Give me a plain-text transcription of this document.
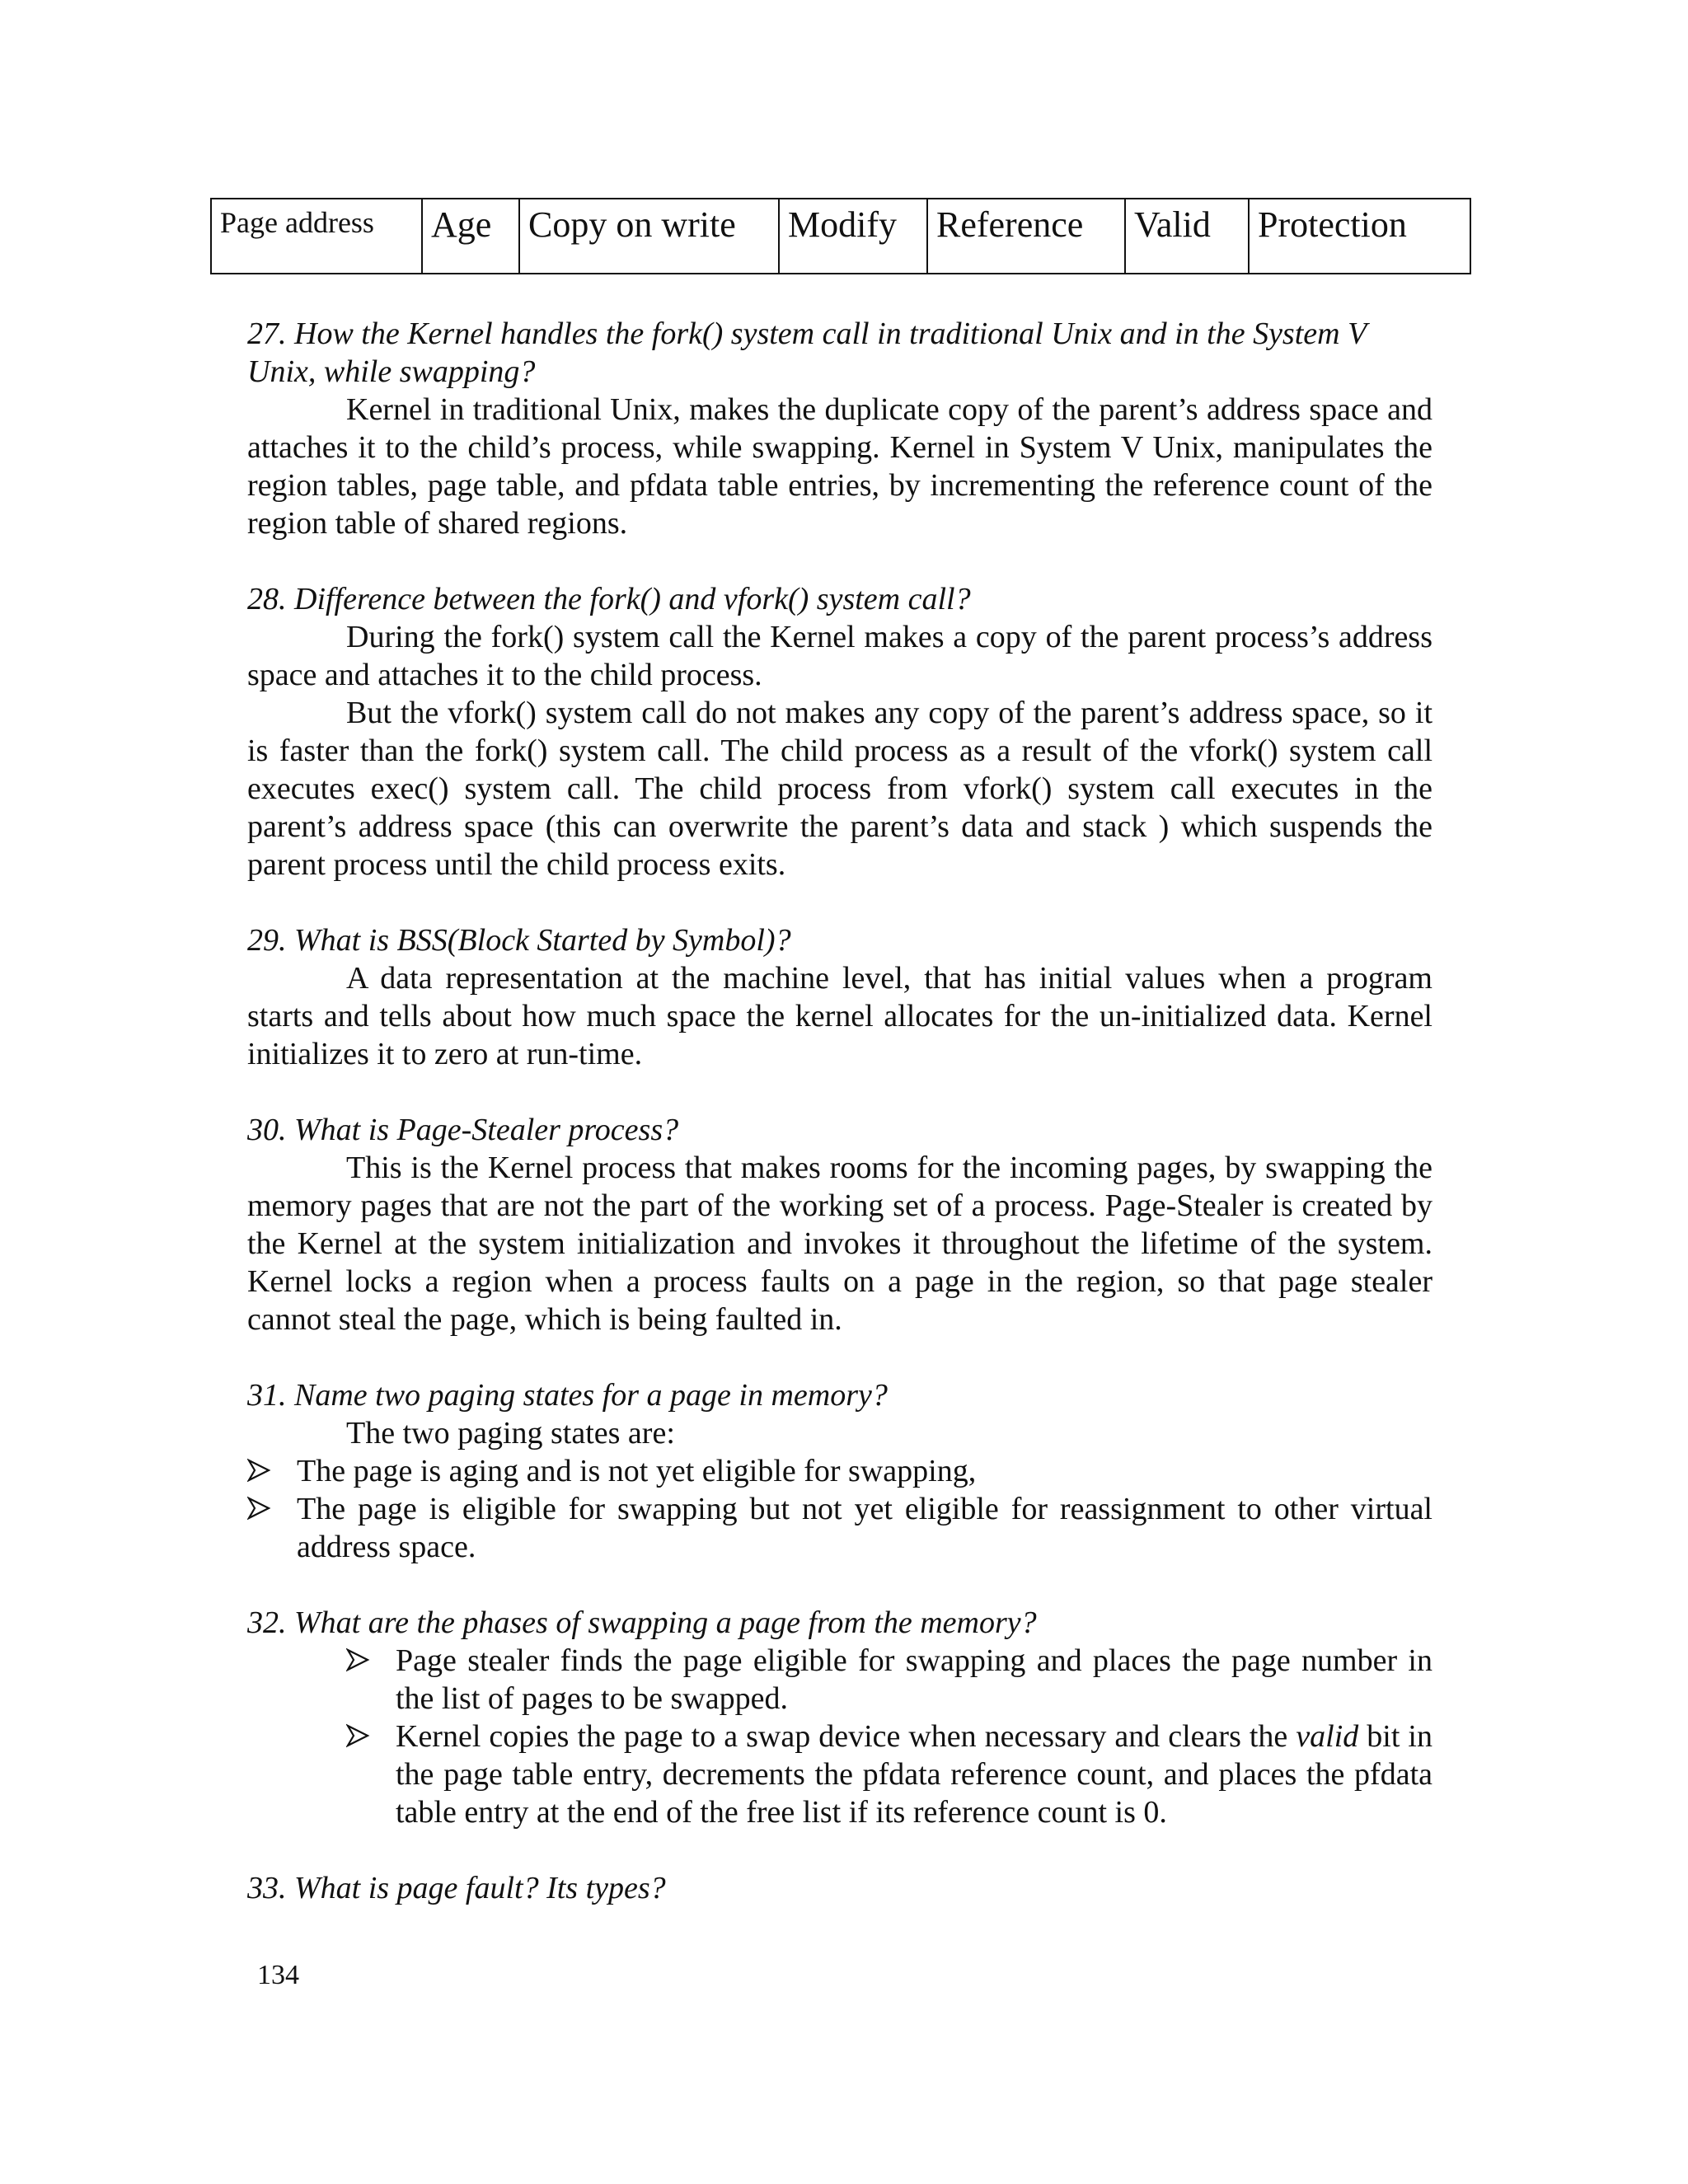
Page address	Age	Copy on write	Modify	Reference	Valid	Protection

27. How the Kernel handles the fork() system call in traditional Unix and in the System V Unix, while swapping?

Kernel in traditional Unix, makes the duplicate copy of the parent’s address space and attaches it to the child’s process, while swapping. Kernel in System V Unix, manipulates the region tables, page table, and pfdata table entries, by incrementing the reference count of the region table of shared regions.

28. Difference between the fork() and vfork() system call?

During the fork() system call the Kernel makes a copy of the parent process’s address space and attaches it to the child process.

But the vfork() system call do not makes any copy of the parent’s address space, so it is faster than the fork() system call. The child process as a result of the vfork() system call executes exec() system call. The child process from vfork() system call executes in the parent’s address space (this can overwrite the parent’s data and stack ) which suspends the parent process until the child process exits.

29. What is BSS(Block Started by Symbol)?

A data representation at the machine level, that has initial values when a program starts and tells about how much space the kernel allocates for the un-initialized data. Kernel initializes it to zero at run-time.

30. What is Page-Stealer process?

This is the Kernel process that makes rooms for the incoming pages, by swapping the memory pages that are not the part of the working set of a process. Page-Stealer is created by the Kernel at the system initialization and invokes it throughout the lifetime of the system. Kernel locks a region when a process faults on a page in the region, so that page stealer cannot steal the page, which is being faulted in.

31. Name two paging states for a page in memory?

The two paging states are:

The page is aging and is not yet eligible for swapping,
The page is eligible for swapping but not yet eligible for reassignment to other virtual address space.

32. What are the phases of swapping a page from the memory?

Page stealer finds the page eligible for swapping and places the page number in the list of pages to be swapped.
Kernel copies the page to a swap device when necessary and clears the valid bit in the page table entry, decrements the pfdata reference count, and places the pfdata table entry at the end of the free list if its reference count is 0.

33. What is page fault? Its types?

134
